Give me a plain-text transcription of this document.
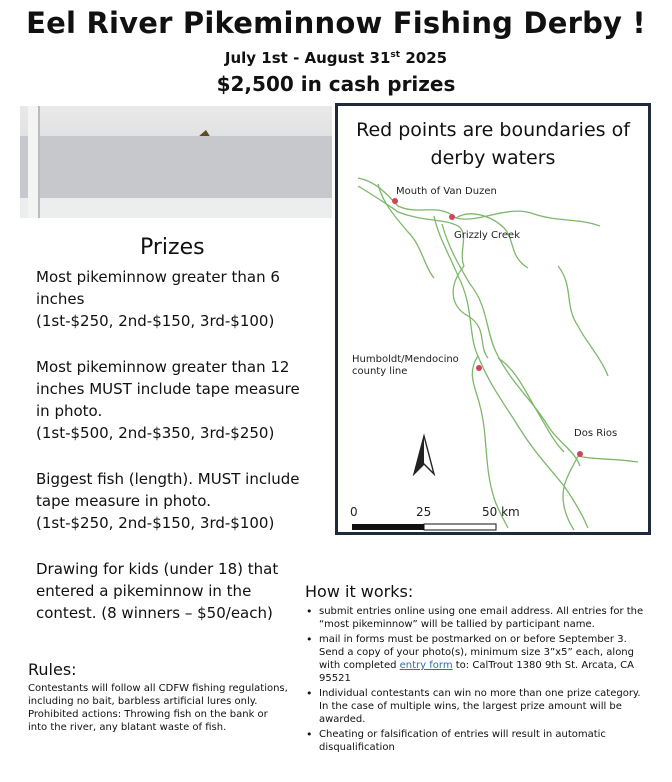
Eel River Pikeminnow Fishing Derby !
July 1st - August 31st 2025
$2,500 in cash prizes
Red points are boundaries of derby waters
Mouth of Van Duzen
Grizzly Creek
Humboldt/Mendocino
county line
Dos Rios
0	25	50 km
Prizes
Most pikeminnow greater than 6
inches
(1st-$250, 2nd-$150, 3rd-$100)
Most pikeminnow greater than 12
inches MUST include tape measure
in photo.
(1st-$500, 2nd-$350, 3rd-$250)
Biggest fish (length). MUST include
tape measure in photo.
(1st-$250, 2nd-$150, 3rd-$100)
Drawing for kids (under 18) that
entered a pikeminnow in the
contest. (8 winners – $50/each)
How it works:
• submit entries online using one email address. All entries for the “most pikeminnow” will be tallied by participant name.
• mail in forms must be postmarked on or before September 3. Send a copy of your photo(s), minimum size 3”x5” each, along with completed entry form to: CalTrout 1380 9th St. Arcata, CA 95521
• Individual contestants can win no more than one prize category. In the case of multiple wins, the largest prize amount will be awarded.
• Cheating or falsification of entries will result in automatic disqualification
Rules:
Contestants will follow all CDFW fishing regulations, including no bait, barbless artificial lures only.
Prohibited actions: Throwing fish on the bank or into the river, any blatant waste of fish.
